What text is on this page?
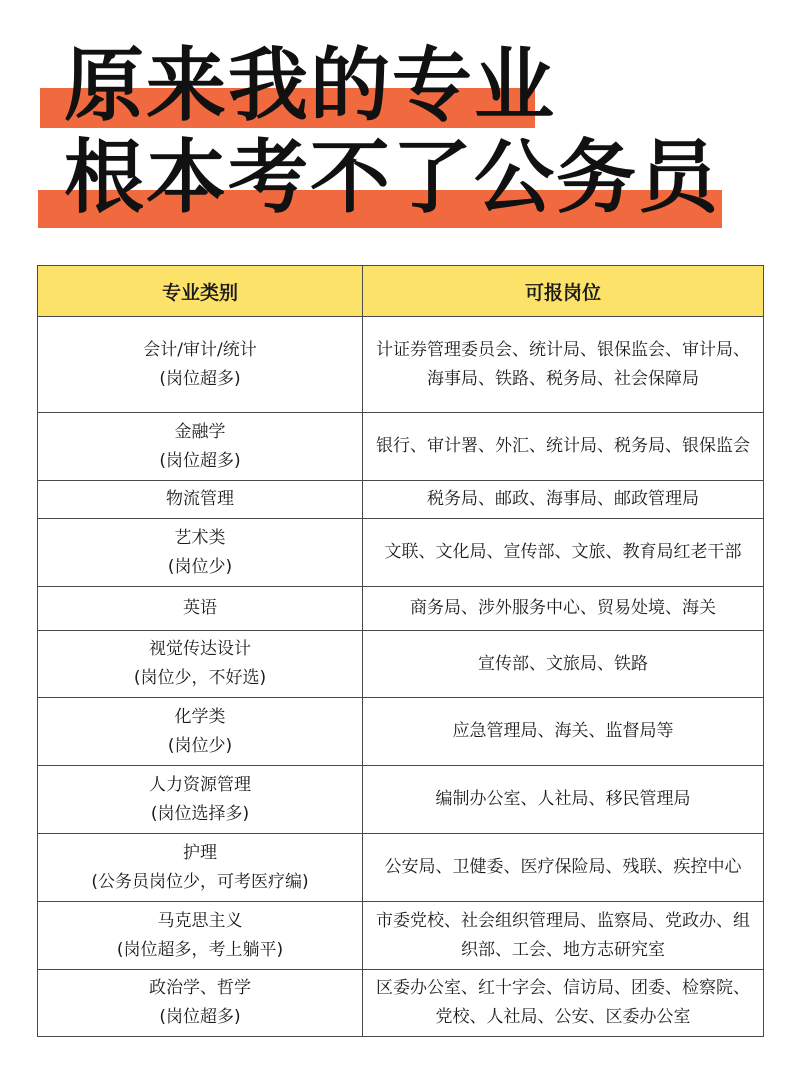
原来我的专业
根本考不了公务员
专业类别	可报岗位

会计/审计/统计
(岗位超多)	计证券管理委员会、统计局、银保监会、审计局、海事局、铁路、税务局、社会保障局

金融学
(岗位超多)	银行、审计署、外汇、统计局、税务局、银保监会

物流管理	税务局、邮政、海事局、邮政管理局

艺术类
(岗位少)	文联、文化局、宣传部、文旅、教育局红老干部

英语	商务局、涉外服务中心、贸易处境、海关

视觉传达设计
(岗位少，不好选)	宣传部、文旅局、铁路

化学类
(岗位少)	应急管理局、海关、监督局等

人力资源管理
(岗位选择多)	编制办公室、人社局、移民管理局

护理
(公务员岗位少，可考医疗编)	公安局、卫健委、医疗保险局、残联、疾控中心

马克思主义
(岗位超多，考上躺平)	市委党校、社会组织管理局、监察局、党政办、组织部、工会、地方志研究室

政治学、哲学
(岗位超多)	区委办公室、红十字会、信访局、团委、检察院、党校、人社局、公安、区委办公室
